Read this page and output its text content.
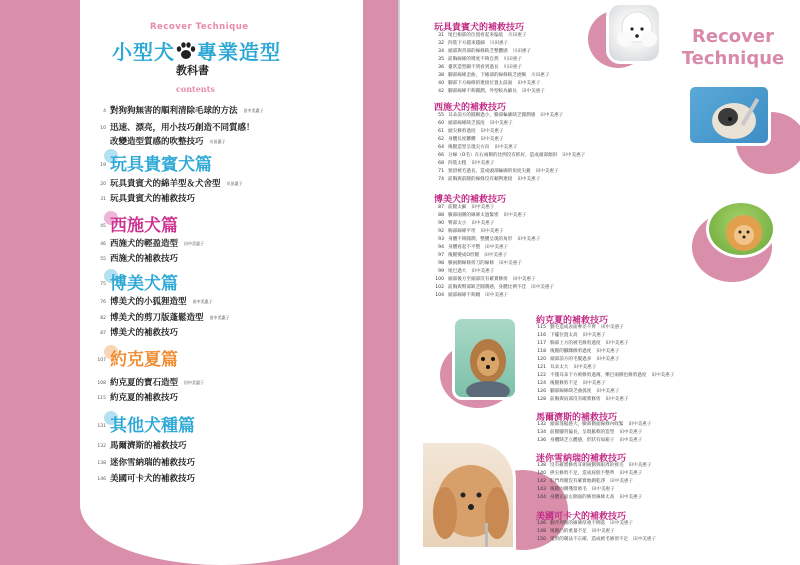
Recover Technique
小型犬 專業造型
教科書
contents
4 對狗狗無害的順利清除毛球的方法 田中美惠子
10 迅速、漂亮，用小技巧創造不同質感！
改變造型質感的吹整技巧 川田惠子
19 玩具貴賓犬篇
20 玩具貴賓犬的綿羊型＆犬舍型 川田惠子
31 玩具貴賓犬的補救技巧
45 西施犬篇
46 西施犬的輕盈造型 田中美惠子
55 西施犬的補救技巧
75 博美犬篇
76 博美犬的小狐狸造型 田中美惠子
82 博美犬的剪刀版蓬鬆造型 田中美惠子
87 博美犬的補救技巧
107 約克夏篇
108 約克夏的寶石造型 田中美惠子
115 約克夏的補救技巧
131 其他犬種篇
132 馬爾濟斯的補救技巧
138 迷你雪納瑞的補救技巧
146 美國可卡犬的補救技巧
Recover
Technique
玩具貴賓犬的補救技巧
31 尾巴根部的位置看起來偏低 川田惠子
32 四肢下方越來越細 川田惠子
34 頭部與背部的線條缺乏整體感 川田惠子
35 前胸線條的彎度不夠自然 川田惠子
36 臺狀造型顯不到看到過長 川田惠子
38 腳部線條歪曲，下緣部的線條缺乏流暢 川田惠子
40 腳部下方線條的連接位置太前面 田中美惠子
42 腳部線條不夠圓潤，外型較為細長 田中美惠子
西施犬的補救技巧
55 耳朵前方的圓稱過小，臉部輪廓缺乏圓潤感 田中美惠子
60 頭部線條缺乏弧度 田中美惠子
61 頭尖修剪過度 田中美惠子
62 身體長度髒髒 田中美惠子
64 後腿造型呈現尖方向 田中美惠子
66 分線（O毛）在右兩側的比例沒有抓好，造成頭部傾斜 田中美惠子
68 四肢太粗 田中美惠子
71 頸頂被毛過長，造成頭部輪廓的角度尖銳 田中美惠子
74 前胸與前腿的線條沒有順利連接 田中美惠子
博美犬的補救技巧
87 前腿太細 田中美惠子
88 臉部兩側的線條太過緊密 田中美惠子
90 臀部太小 田中美惠子
92 胸部線條平坦 田中美惠子
93 身體不夠圓潤，整體呈現的角形 田中美惠子
94 身體看起不平整 田中美惠子
97 後腿變成O形腿 田中美惠子
98 臉兩側線條剪刀的線條 田中美惠子
99 尾巴過大 田中美惠子
100 頭部後方至頭部沒有確實修剪 田中美惠子
102 前胸與臀部缺乏圓潤感，身體比例不佳 田中美惠子
104 頭部線條不夠順 田中美惠子
約克夏的補救技巧
115 劉毛造成表面參差不齊 田中美惠子
116 下擺位置太高 田中美惠子
117 胸部上方的被毛修剪過度 田中美惠子
118 後腿的腳踝修剪過度 田中美惠子
120 頭部前方的毛髮過多 田中美惠子
121 耳朵太大 田中美惠子
122 不僅耳朵下方被修剪過薄，樂巴兩側也修剪過度 田中美惠子
124 後腿修剪不足 田中美惠子
126 腳部線條缺乏曲弧度 田中美惠子
128 前胸與肩部沒有確實修剪 田中美惠子
馬爾濟斯的補救技巧
132 頭部蓬鬆感大，臉部側面線條內收緊 田中美惠子
134 前腿腳背偏長，呈現鬆軟的造型 田中美惠子
136 身體缺乏立體感，形狀有如箱子 田中美惠子
迷你雪納瑞的補救技巧
138 沒有確實修剪耳朝兩側與眼周的被毛 田中美惠子
140 拱尖修剪不足，造成屁股不整齊 田中美惠子
142 肛門周圍沒有確實地剃乾淨 田中美惠子
143 後腿內側殘留被毛 田中美惠子
144 身體正面左側面的修剪線條太高 田中美惠子
美國可卡犬的補救技巧
146 腳背周圍的線條厚重不俐落 田中美惠子
148 後腿凸的重量不足 田中美惠子
150 電剪的剃法不正確，造成被毛修剪不足 田中美惠子
